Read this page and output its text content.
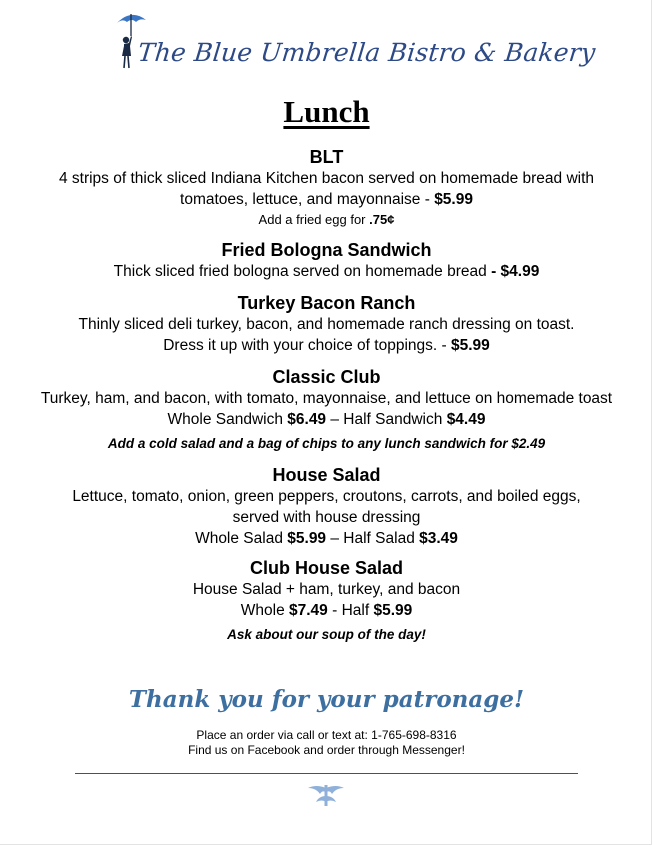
The Blue Umbrella Bistro & Bakery
Lunch
BLT
4 strips of thick sliced Indiana Kitchen bacon served on homemade bread with tomatoes, lettuce, and mayonnaise - $5.99
Add a fried egg for .75¢
Fried Bologna Sandwich
Thick sliced fried bologna served on homemade bread - $4.99
Turkey Bacon Ranch
Thinly sliced deli turkey, bacon, and homemade ranch dressing on toast. Dress it up with your choice of toppings. - $5.99
Classic Club
Turkey, ham, and bacon, with tomato, mayonnaise, and lettuce on homemade toast
Whole Sandwich $6.49 – Half Sandwich $4.49
Add a cold salad and a bag of chips to any lunch sandwich for $2.49
House Salad
Lettuce, tomato, onion, green peppers, croutons, carrots, and boiled eggs, served with house dressing
Whole Salad $5.99 – Half Salad $3.49
Club House Salad
House Salad + ham, turkey, and bacon
Whole $7.49 - Half $5.99
Ask about our soup of the day!
Thank you for your patronage!
Place an order via call or text at: 1-765-698-8316
Find us on Facebook and order through Messenger!
